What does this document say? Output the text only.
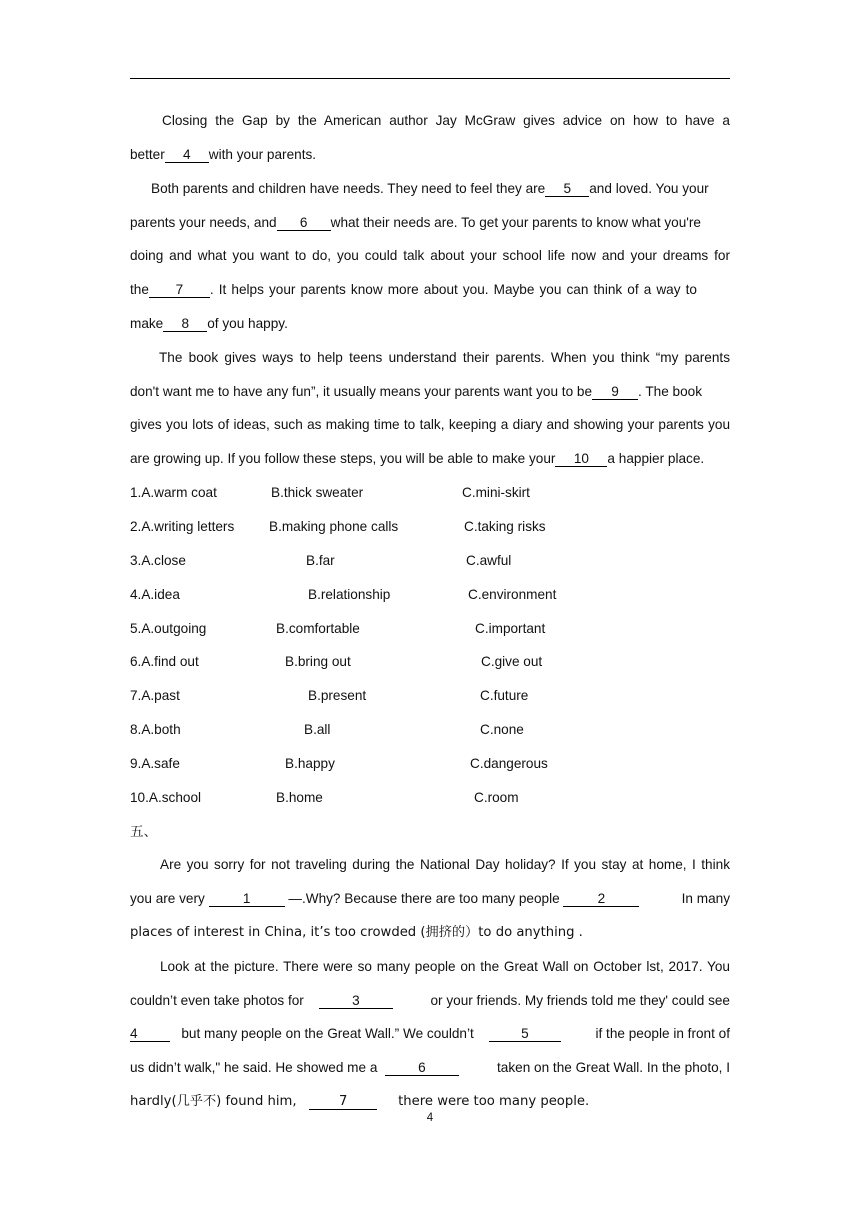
Closing the Gap by the American author Jay McGraw gives advice on how to have a
better 4 with your parents.
Both parents and children have needs. They need to feel they are 5 and loved. You your
parents your needs, and 6 what their needs are. To get your parents to know what you're
doing and what you want to do, you could talk about your school life now and your dreams for
the 7 . It helps your parents know more about you. Maybe you can think of a way to
make 8 of you happy.
The book gives ways to help teens understand their parents. When you think “my parents
don't want me to have any fun”, it usually means your parents want you to be 9 . The book
gives you lots of ideas, such as making time to talk, keeping a diary and showing your parents you
are growing up. If you follow these steps, you will be able to make your 10 a happier place.
1.A.warm coat	B.thick sweater	C.mini-skirt
2.A.writing letters	B.making phone calls	C.taking risks
3.A.close	B.far	C.awful
4.A.idea	B.relationship	C.environment
5.A.outgoing	B.comfortable	C.important
6.A.find out	B.bring out	C.give out
7.A.past	B.present	C.future
8.A.both	B.all	C.none
9.A.safe	B.happy	C.dangerous
10.A.school	B.home	C.room
五、
Are you sorry for not traveling during the National Day holiday? If you stay at home, I think
you are very	1	—.Why? Because there are too many people	2	In many
places of interest in China, it’s too crowded (拥挤的）to do anything .
Look at the picture. There were so many people on the Great Wall on October lst, 2017. You
couldn’t even take photos for	3	or your friends. My friends told me they' could see
4	but many people on the Great Wall.” We couldn’t	5	if the people in front of
us didn’t walk," he said. He showed me a	6	taken on the Great Wall. In the photo, I
hardly(几乎不) found him,	7	there were too many people.
4
